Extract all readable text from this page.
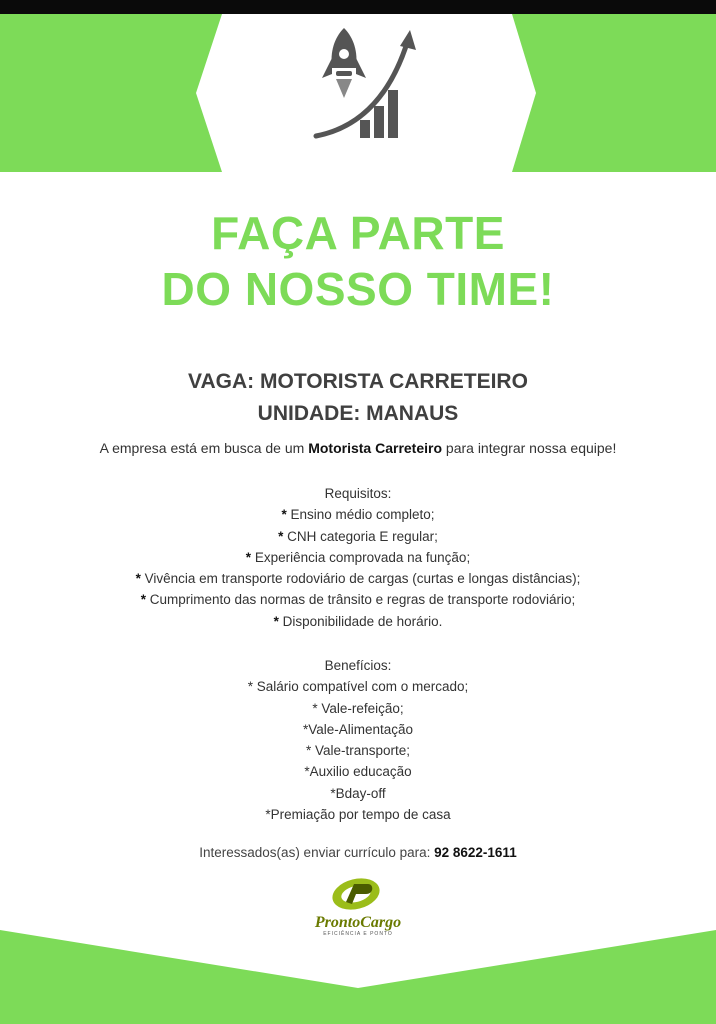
FAÇA PARTE
DO NOSSO TIME!
VAGA: MOTORISTA CARRETEIRO
UNIDADE: MANAUS

A empresa está em busca de um Motorista Carreteiro para integrar nossa equipe!

Requisitos:
* Ensino médio completo;
* CNH categoria E regular;
* Experiência comprovada na função;
* Vivência em transporte rodoviário de cargas (curtas e longas distâncias);
* Cumprimento das normas de trânsito e regras de transporte rodoviário;
* Disponibilidade de horário.
Benefícios:
* Salário compatível com o mercado;
* Vale-refeição;
*Vale-Alimentação
* Vale-transporte;
*Auxilio educação
*Bday-off
*Premiação por tempo de casa

Interessados(as) enviar currículo para: 92 8622-1611

ProntoCargo
EFICIÊNCIA E PONTO
